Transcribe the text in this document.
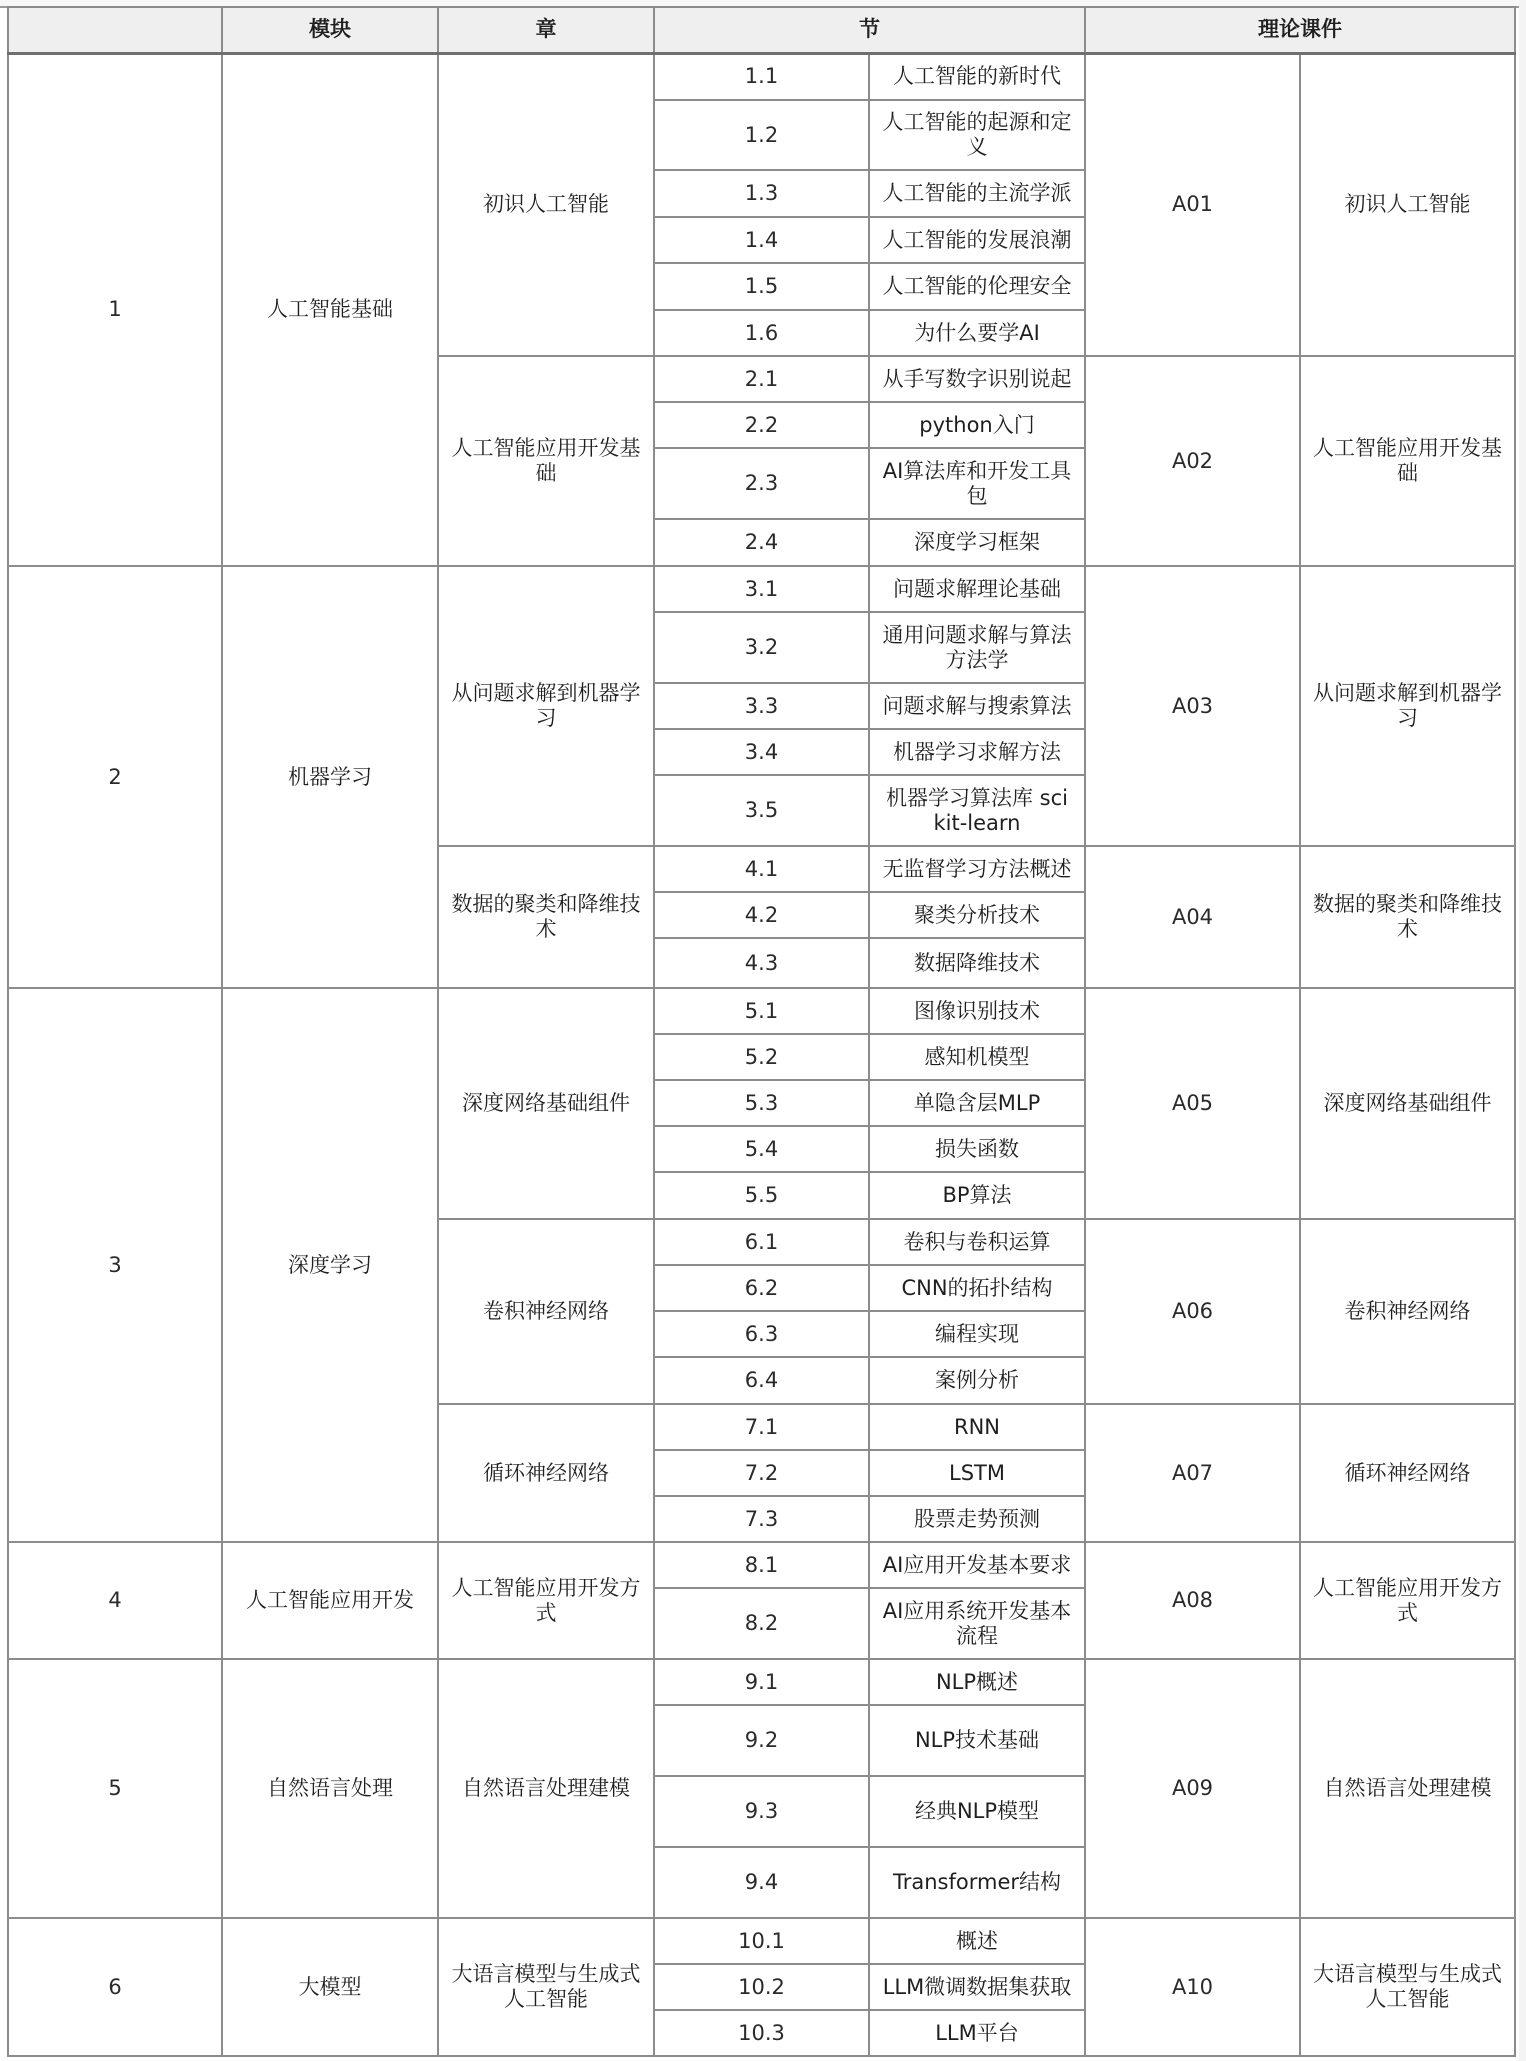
	模块	章	节		理论课件	
1	人工智能基础	初识人工智能	1.1	人工智能的新时代	A01	初识人工智能
			1.2	人工智能的起源和定义		
			1.3	人工智能的主流学派		
			1.4	人工智能的发展浪潮		
			1.5	人工智能的伦理安全		
			1.6	为什么要学AI		
		人工智能应用开发基础	2.1	从手写数字识别说起	A02	人工智能应用开发基础
			2.2	python入门		
			2.3	AI算法库和开发工具包		
			2.4	深度学习框架		
2	机器学习	从问题求解到机器学习	3.1	问题求解理论基础	A03	从问题求解到机器学习
			3.2	通用问题求解与算法方法学		
			3.3	问题求解与搜索算法		
			3.4	机器学习求解方法		
			3.5	机器学习算法库 scikit-learn		
		数据的聚类和降维技术	4.1	无监督学习方法概述	A04	数据的聚类和降维技术
			4.2	聚类分析技术		
			4.3	数据降维技术		
3	深度学习	深度网络基础组件	5.1	图像识别技术	A05	深度网络基础组件
			5.2	感知机模型		
			5.3	单隐含层MLP		
			5.4	损失函数		
			5.5	BP算法		
		卷积神经网络	6.1	卷积与卷积运算	A06	卷积神经网络
			6.2	CNN的拓扑结构		
			6.3	编程实现		
			6.4	案例分析		
		循环神经网络	7.1	RNN	A07	循环神经网络
			7.2	LSTM		
			7.3	股票走势预测		
4	人工智能应用开发	人工智能应用开发方式	8.1	AI应用开发基本要求	A08	人工智能应用开发方式
			8.2	AI应用系统开发基本流程		
5	自然语言处理	自然语言处理建模	9.1	NLP概述	A09	自然语言处理建模
			9.2	NLP技术基础		
			9.3	经典NLP模型		
			9.4	Transformer结构		
6	大模型	大语言模型与生成式人工智能	10.1	概述	A10	大语言模型与生成式人工智能
			10.2	LLM微调数据集获取		
			10.3	LLM平台		
